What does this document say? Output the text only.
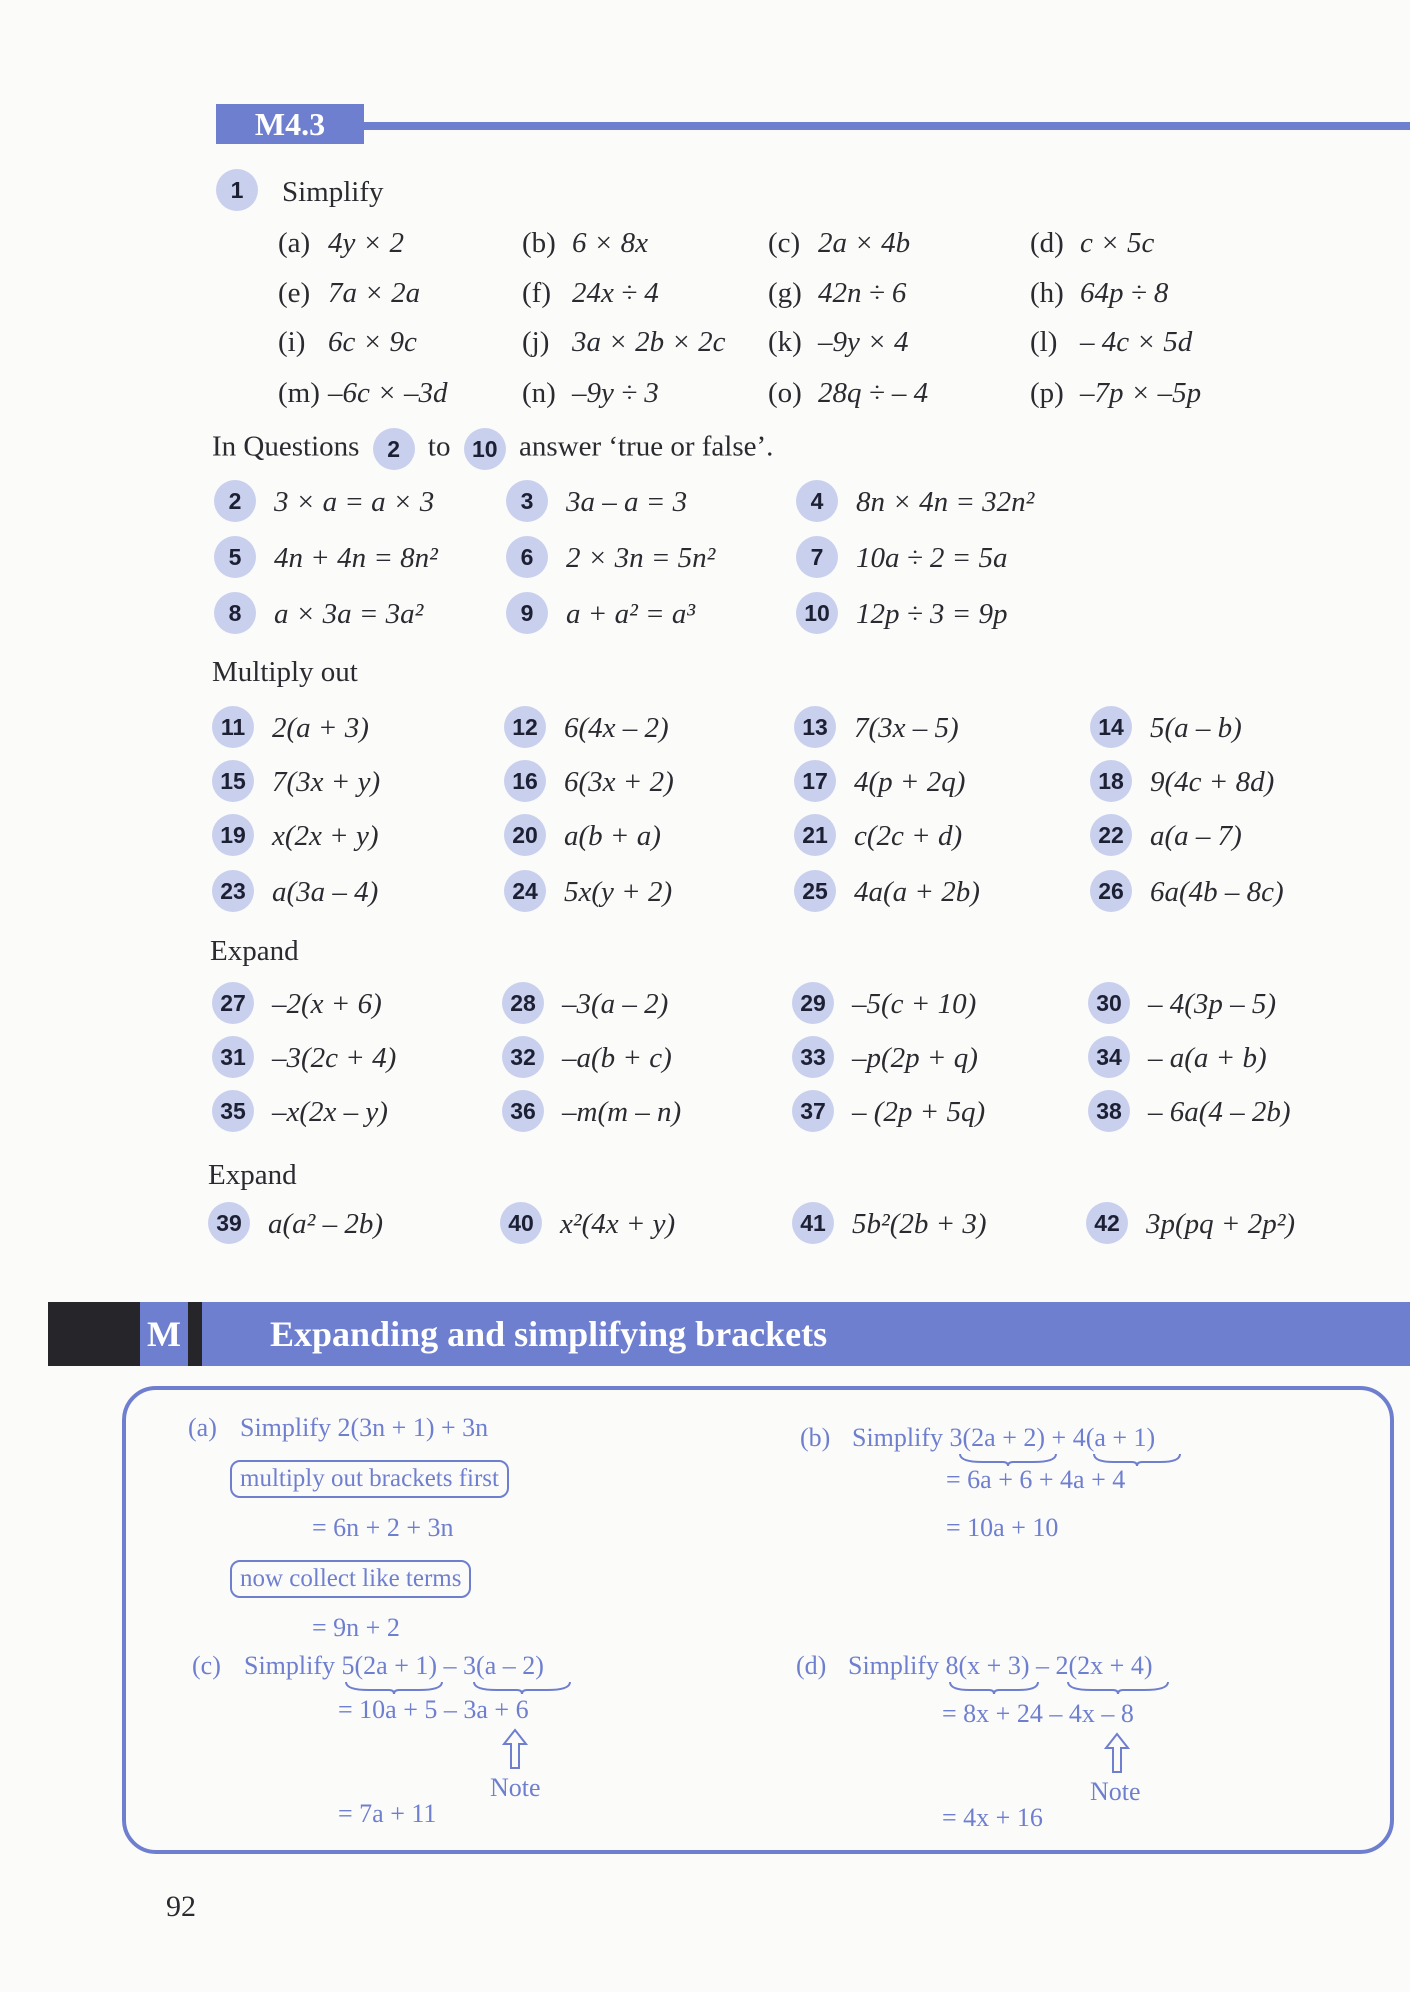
M4.3
1	Simplify
(a) 4y × 2	(b) 6 × 8x	(c) 2a × 4b	(d) c × 5c
(e) 7a × 2a	(f) 24x ÷ 4	(g) 42n ÷ 6	(h) 64p ÷ 8
(i) 6c × 9c	(j) 3a × 2b × 2c (k) –9y × 4	(l) – 4c × 5d
(m) –6c × –3d	(n) –9y ÷ 3	(o) 28q ÷ – 4	(p) –7p × –5p
In Questions 2 to 10 answer ‘true or false’.
2	3 × a = a × 3	3	3a – a = 3	4	8n × 4n = 32n²
5	4n + 4n = 8n²	6	2 × 3n = 5n²	7	10a ÷ 2 = 5a
8	a × 3a = 3a²	9	a + a² = a³	10 12p ÷ 3 = 9p
Multiply out
11 2(a + 3)	12 6(4x – 2)	13 7(3x – 5)	14 5(a – b)
15 7(3x + y)	16 6(3x + 2)	17 4(p + 2q)	18 9(4c + 8d)
19 x(2x + y)	20 a(b + a)	21 c(2c + d)	22 a(a – 7)
23 a(3a – 4)	24 5x(y + 2)	25 4a(a + 2b)	26 6a(4b – 8c)
Expand
27 –2(x + 6)	28 –3(a – 2)	29 –5(c + 10)	30 – 4(3p – 5)
31 –3(2c + 4)	32 –a(b + c)	33 –p(2p + q)	34 – a(a + b)
35 –x(2x – y)	36 –m(m – n)	37 – (2p + 5q)	38 – 6a(4 – 2b)
Expand
39 a(a² – 2b)	40 x²(4x + y)	41 5b²(2b + 3)	42 3p(pq + 2p²)
M Expanding and simplifying brackets
(a) Simplify 2(3n + 1) + 3n
multiply out brackets first
= 6n + 2 + 3n
now collect like terms
= 9n + 2
(b) Simplify 3(2a + 2) + 4(a + 1)
= 6a + 6 + 4a + 4
= 10a + 10
(c) Simplify 5(2a + 1) – 3(a – 2)
= 10a + 5 – 3a + 6
Note
= 7a + 11
(d) Simplify 8(x + 3) – 2(2x + 4)
= 8x + 24 – 4x – 8
Note
= 4x + 16
92
